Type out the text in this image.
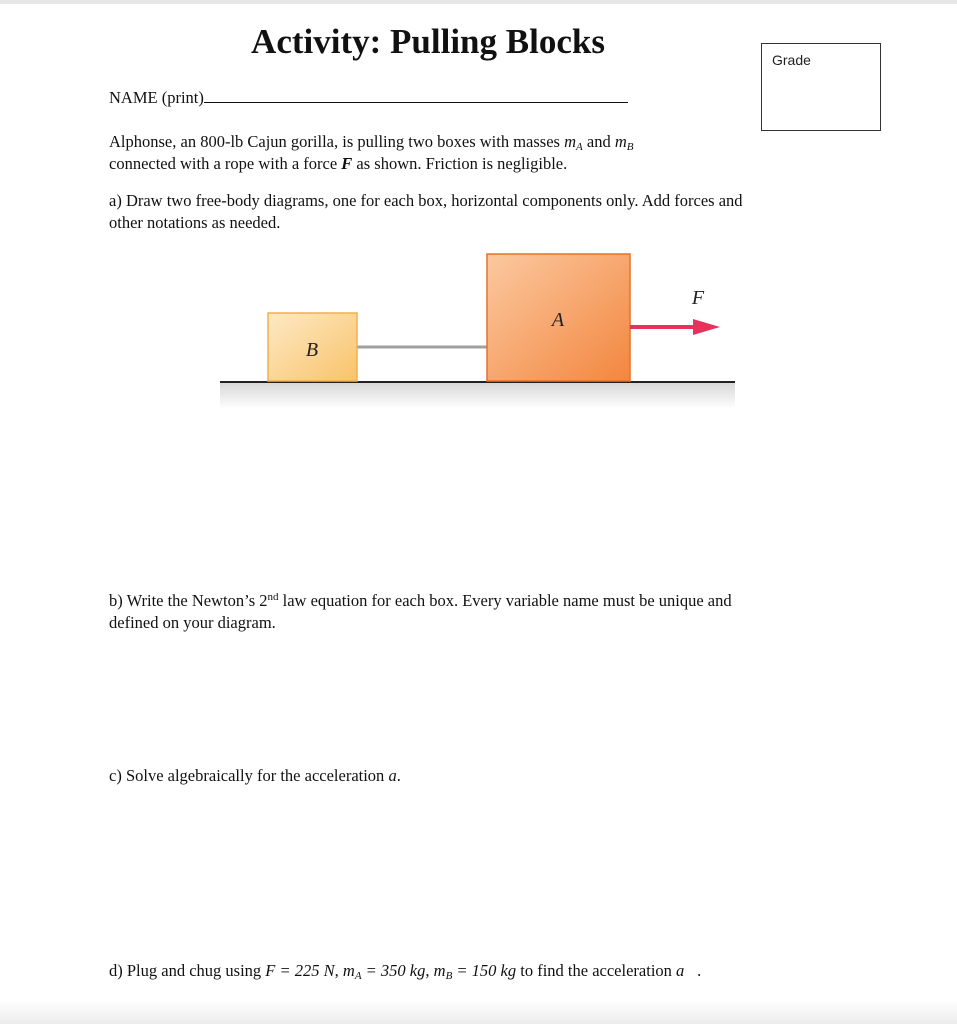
Activity: Pulling Blocks	Grade
NAME (print)
Alphonse, an 800-lb Cajun gorilla, is pulling two boxes with masses $m_A$ and $m_B$
connected with a rope with a force F as shown. Friction is negligible.
a) Draw two free-body diagrams, one for each box, horizontal components only. Add forces and
other notations as needed.
B
A
F
b) Write the Newton’s 2nd law equation for each box. Every variable name must be unique and
defined on your diagram.
c) Solve algebraically for the acceleration a.
d) Plug and chug using F = 225 N, $m_A = 350$ kg, $m_B = 150$ kg to find the acceleration a⃗.
